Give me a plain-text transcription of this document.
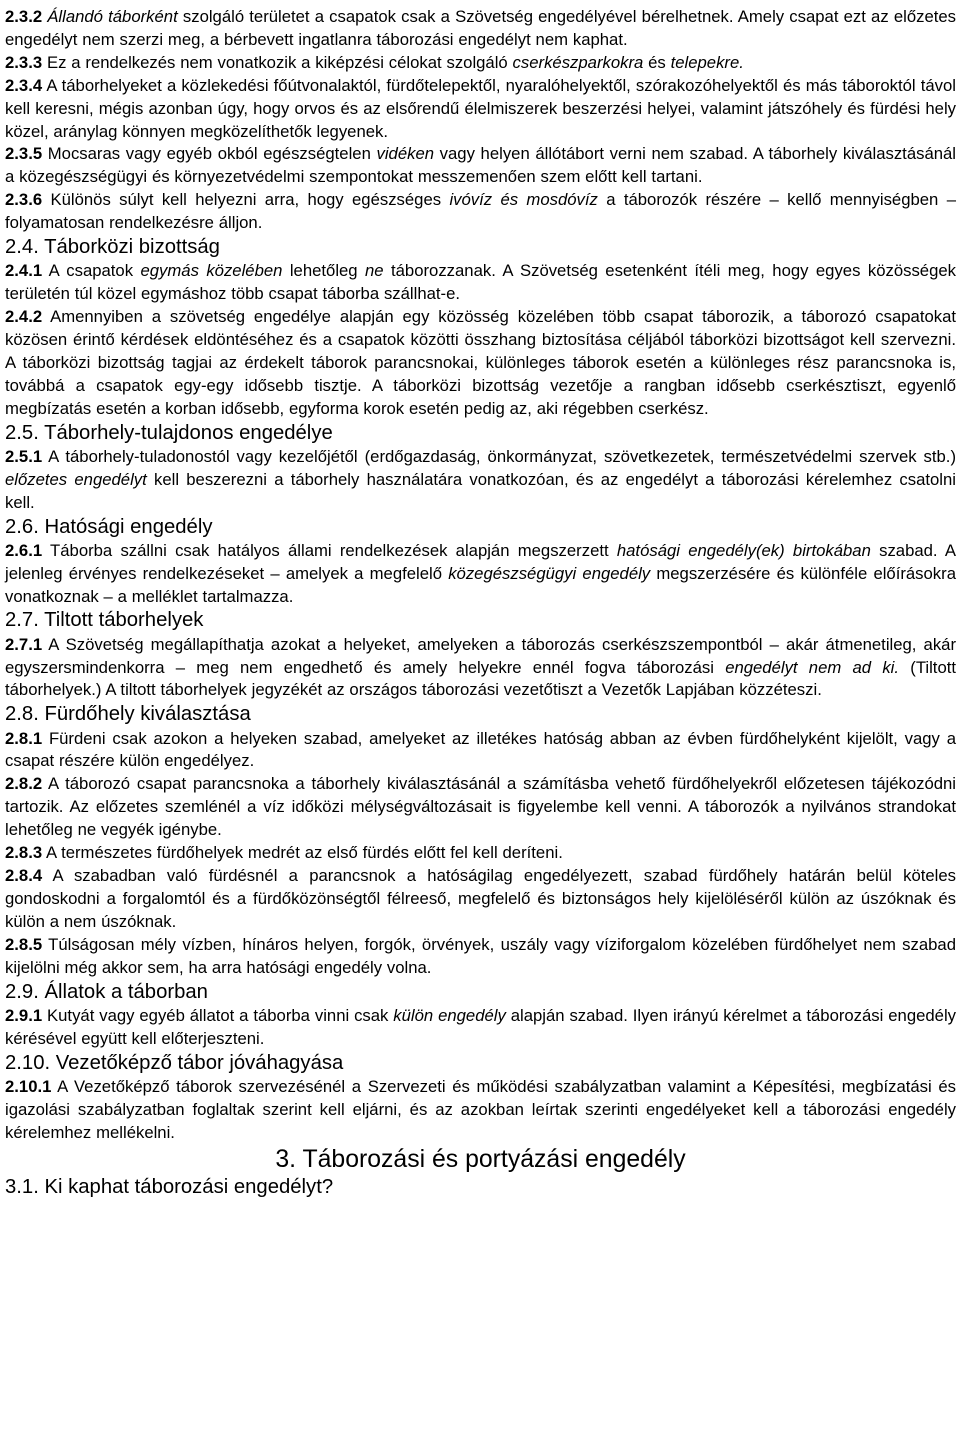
2.3.2 Állandó táborként szolgáló területet a csapatok csak a Szövetség engedélyével bérelhetnek. Amely csapat ezt az előzetes engedélyt nem szerzi meg, a bérbevett ingatlanra táborozási engedélyt nem kaphat.

2.3.3 Ez a rendelkezés nem vonatkozik a kiképzési célokat szolgáló cserkészparkokra és telepekre.

2.3.4 A táborhelyeket a közlekedési főútvonalaktól, fürdőtelepektől, nyaralóhelyektől, szórakozóhelyektől és más táboroktól távol kell keresni, mégis azonban úgy, hogy orvos és az elsőrendű élelmiszerek beszerzési helyei, valamint játszóhely és fürdési hely közel, aránylag könnyen megközelíthetők legyenek.

2.3.5 Mocsaras vagy egyéb okból egészségtelen vidéken vagy helyen állótábort verni nem szabad. A táborhely kiválasztásánál a közegészségügyi és környezetvédelmi szempontokat messzemenően szem előtt kell tartani.

2.3.6 Különös súlyt kell helyezni arra, hogy egészséges ivóvíz és mosdóvíz a táborozók részére – kellő mennyiségben – folyamatosan rendelkezésre álljon.

2.4. Táborközi bizottság

2.4.1 A csapatok egymás közelében lehetőleg ne táborozzanak. A Szövetség esetenként ítéli meg, hogy egyes közösségek területén túl közel egymáshoz több csapat táborba szállhat-e.

2.4.2 Amennyiben a szövetség engedélye alapján egy közösség közelében több csapat táborozik, a táborozó csapatokat közösen érintő kérdések eldöntéséhez és a csapatok közötti összhang biztosítása céljából táborközi bizottságot kell szervezni. A táborközi bizottság tagjai az érdekelt táborok parancsnokai, különleges táborok esetén a különleges rész parancsnoka is, továbbá a csapatok egy-egy idősebb tisztje. A táborközi bizottság vezetője a rangban idősebb cserkésztiszt, egyenlő megbízatás esetén a korban idősebb, egyforma korok esetén pedig az, aki régebben cserkész.

2.5. Táborhely-tulajdonos engedélye

2.5.1 A táborhely-tuladonostól vagy kezelőjétől (erdőgazdaság, önkormányzat, szövetkezetek, természetvédelmi szervek stb.) előzetes engedélyt kell beszerezni a táborhely használatára vonatkozóan, és az engedélyt a táborozási kérelemhez csatolni kell.

2.6. Hatósági engedély

2.6.1 Táborba szállni csak hatályos állami rendelkezések alapján megszerzett hatósági engedély(ek) birtokában szabad. A jelenleg érvényes rendelkezéseket – amelyek a megfelelő közegészségügyi engedély megszerzésére és különféle előírásokra vonatkoznak – a melléklet tartalmazza.

2.7. Tiltott táborhelyek

2.7.1 A Szövetség megállapíthatja azokat a helyeket, amelyeken a táborozás cserkészszempontból – akár átmenetileg, akár egyszersmindenkorra – meg nem engedhető és amely helyekre ennél fogva táborozási engedélyt nem ad ki. (Tiltott táborhelyek.) A tiltott táborhelyek jegyzékét az országos táborozási vezetőtiszt a Vezetők Lapjában közzéteszi.

2.8. Fürdőhely kiválasztása

2.8.1 Fürdeni csak azokon a helyeken szabad, amelyeket az illetékes hatóság abban az évben fürdőhelyként kijelölt, vagy a csapat részére külön engedélyez.

2.8.2 A táborozó csapat parancsnoka a táborhely kiválasztásánál a számításba vehető fürdőhelyekről előzetesen tájékozódni tartozik. Az előzetes szemlénél a víz időközi mélységváltozásait is figyelembe kell venni. A táborozók a nyilvános strandokat lehetőleg ne vegyék igénybe.

2.8.3 A természetes fürdőhelyek medrét az első fürdés előtt fel kell deríteni.

2.8.4 A szabadban való fürdésnél a parancsnok a hatóságilag engedélyezett, szabad fürdőhely határán belül köteles gondoskodni a forgalomtól és a fürdőközönségtől félreeső, megfelelő és biztonságos hely kijelöléséről külön az úszóknak és külön a nem úszóknak.

2.8.5 Túlságosan mély vízben, hínáros helyen, forgók, örvények, uszály vagy víziforgalom közelében fürdőhelyet nem szabad kijelölni még akkor sem, ha arra hatósági engedély volna.

2.9. Állatok a táborban

2.9.1 Kutyát vagy egyéb állatot a táborba vinni csak külön engedély alapján szabad. Ilyen irányú kérelmet a táborozási engedély kérésével együtt kell előterjeszteni.

2.10. Vezetőképző tábor jóváhagyása

2.10.1 A Vezetőképző táborok szervezésénél a Szervezeti és működési szabályzatban valamint a Képesítési, megbízatási és igazolási szabályzatban foglaltak szerint kell eljárni, és az azokban leírtak szerinti engedélyeket kell a táborozási engedély kérelemhez mellékelni.

3. Táborozási és portyázási engedély
3.1. Ki kaphat táborozási engedélyt?
